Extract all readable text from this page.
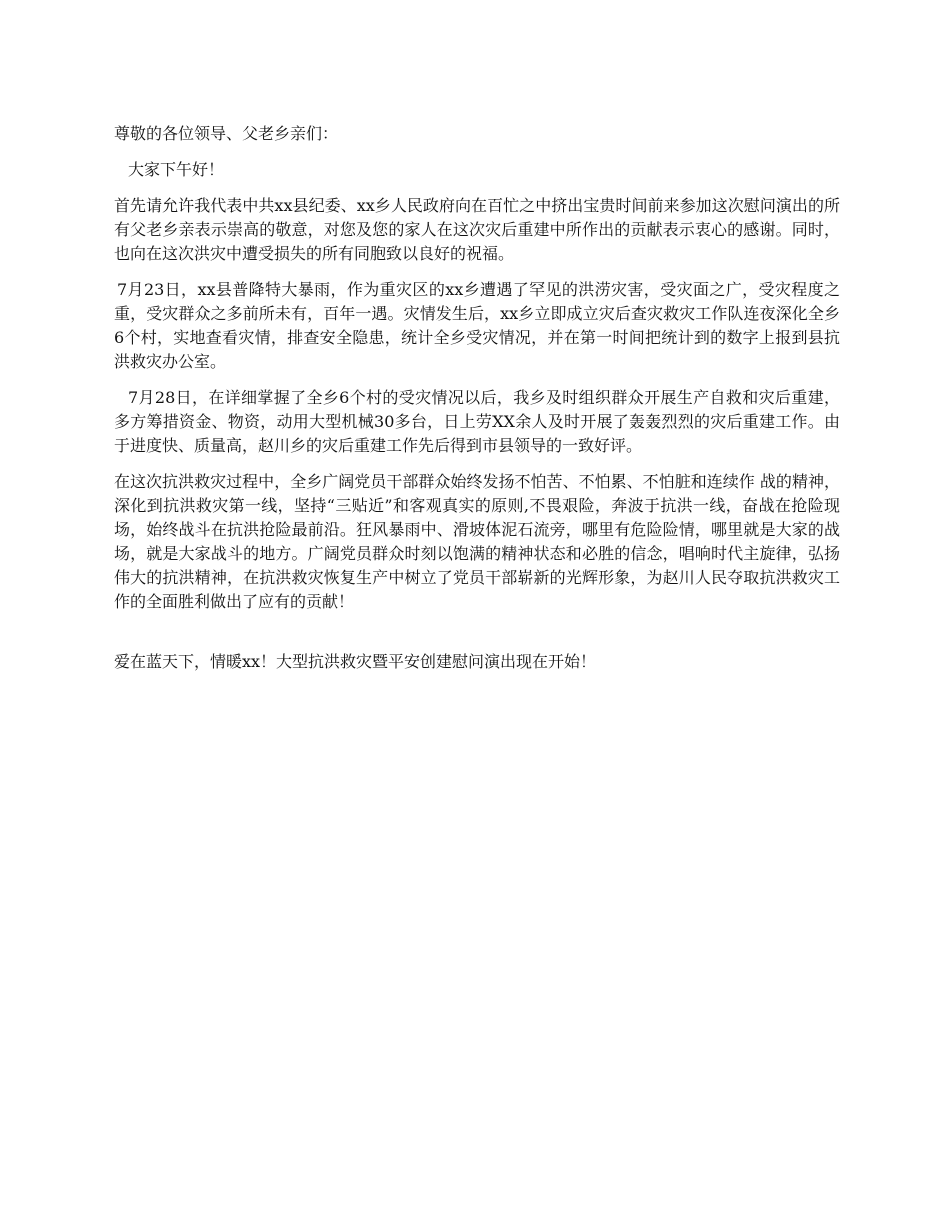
尊敬的各位领导、父老乡亲们：

大家下午好！

首先请允许我代表中共xx县纪委、xx乡人民政府向在百忙之中挤出宝贵时间前来参加这次慰问演出的所有父老乡亲表示崇高的敬意，对您及您的家人在这次灾后重建中所作出的贡献表示衷心的感谢。同时，也向在这次洪灾中遭受损失的所有同胞致以良好的祝福。

7月23日，xx县普降特大暴雨，作为重灾区的xx乡遭遇了罕见的洪涝灾害，受灾面之广，受灾程度之重，受灾群众之多前所未有，百年一遇。灾情发生后，xx乡立即成立灾后查灾救灾工作队连夜深化全乡6个村，实地查看灾情，排查安全隐患，统计全乡受灾情况，并在第一时间把统计到的数字上报到县抗洪救灾办公室。

7月28日，在详细掌握了全乡6个村的受灾情况以后，我乡及时组织群众开展生产自救和灾后重建，多方筹措资金、物资，动用大型机械30多台，日上劳XX余人及时开展了轰轰烈烈的灾后重建工作。由于进度快、质量高，赵川乡的灾后重建工作先后得到市县领导的一致好评。

在这次抗洪救灾过程中，全乡广阔党员干部群众始终发扬不怕苦、不怕累、不怕脏和连续作 战的精神，深化到抗洪救灾第一线，坚持“三贴近”和客观真实的原则,不畏艰险，奔波于抗洪一线，奋战在抢险现场，始终战斗在抗洪抢险最前沿。狂风暴雨中、滑坡体泥石流旁，哪里有危险险情，哪里就是大家的战场，就是大家战斗的地方。广阔党员群众时刻以饱满的精神状态和必胜的信念，唱响时代主旋律，弘扬伟大的抗洪精神，在抗洪救灾恢复生产中树立了党员干部崭新的光辉形象，为赵川人民夺取抗洪救灾工作的全面胜利做出了应有的贡献！

爱在蓝天下，情暖xx！大型抗洪救灾暨平安创建慰问演出现在开始！
